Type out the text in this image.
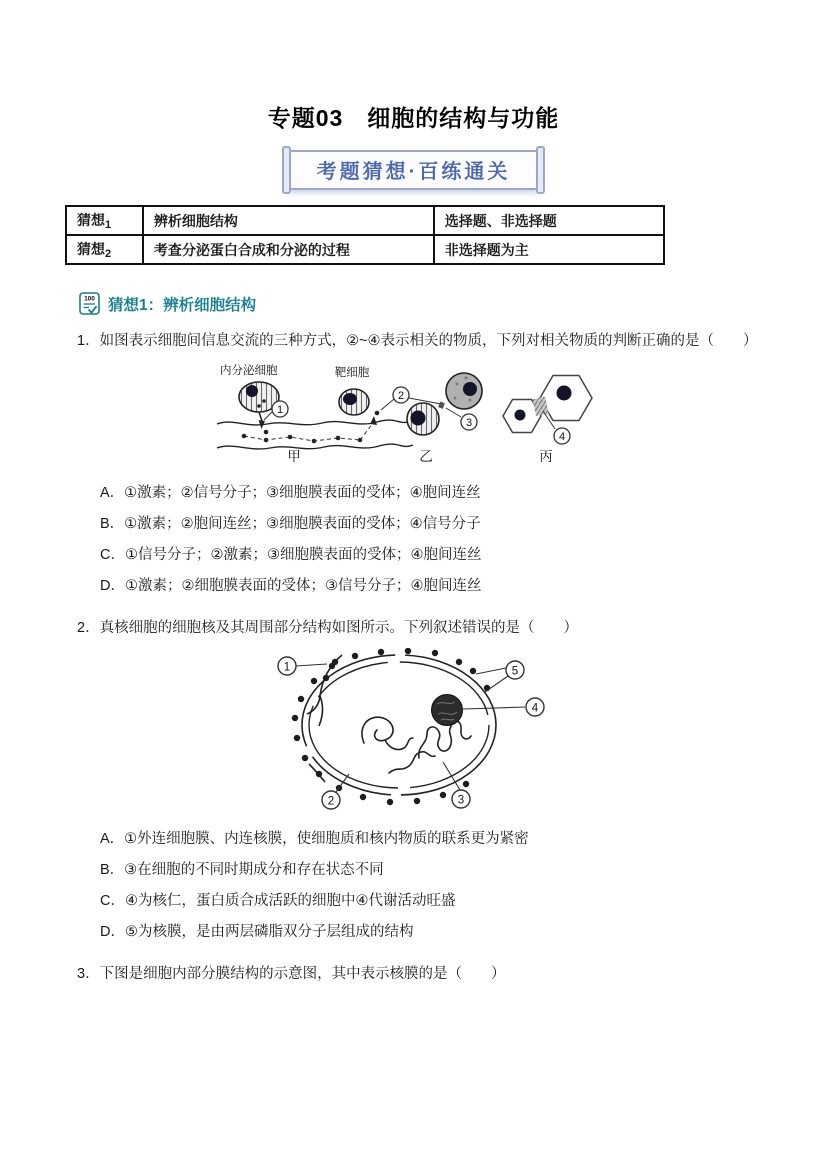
专题03　细胞的结构与功能
考题猜想·百练通关
猜想$_1$	辨析细胞结构	选择题、非选择题
猜想$_2$	考查分泌蛋白合成和分泌的过程	非选择题为主
100 猜想1：辨析细胞结构
1．如图表示细胞间信息交流的三种方式，②~④表示相关的物质，下列对相关物质的判断正确的是（　　）
内分泌细胞
1
靶细胞
甲
2
3
乙
4
丙
A．①激素；②信号分子；③细胞膜表面的受体；④胞间连丝
B．①激素；②胞间连丝；③细胞膜表面的受体；④信号分子
C．①信号分子；②激素；③细胞膜表面的受体；④胞间连丝
D．①激素；②细胞膜表面的受体；③信号分子；④胞间连丝
2．真核细胞的细胞核及其周围部分结构如图所示。下列叙述错误的是（　　）
1	5
4
2	3
A．①外连细胞膜、内连核膜，使细胞质和核内物质的联系更为紧密
B．③在细胞的不同时期成分和存在状态不同
C．④为核仁，蛋白质合成活跃的细胞中④代谢活动旺盛
D．⑤为核膜，是由两层磷脂双分子层组成的结构
3．下图是细胞内部分膜结构的示意图，其中表示核膜的是（　　）
